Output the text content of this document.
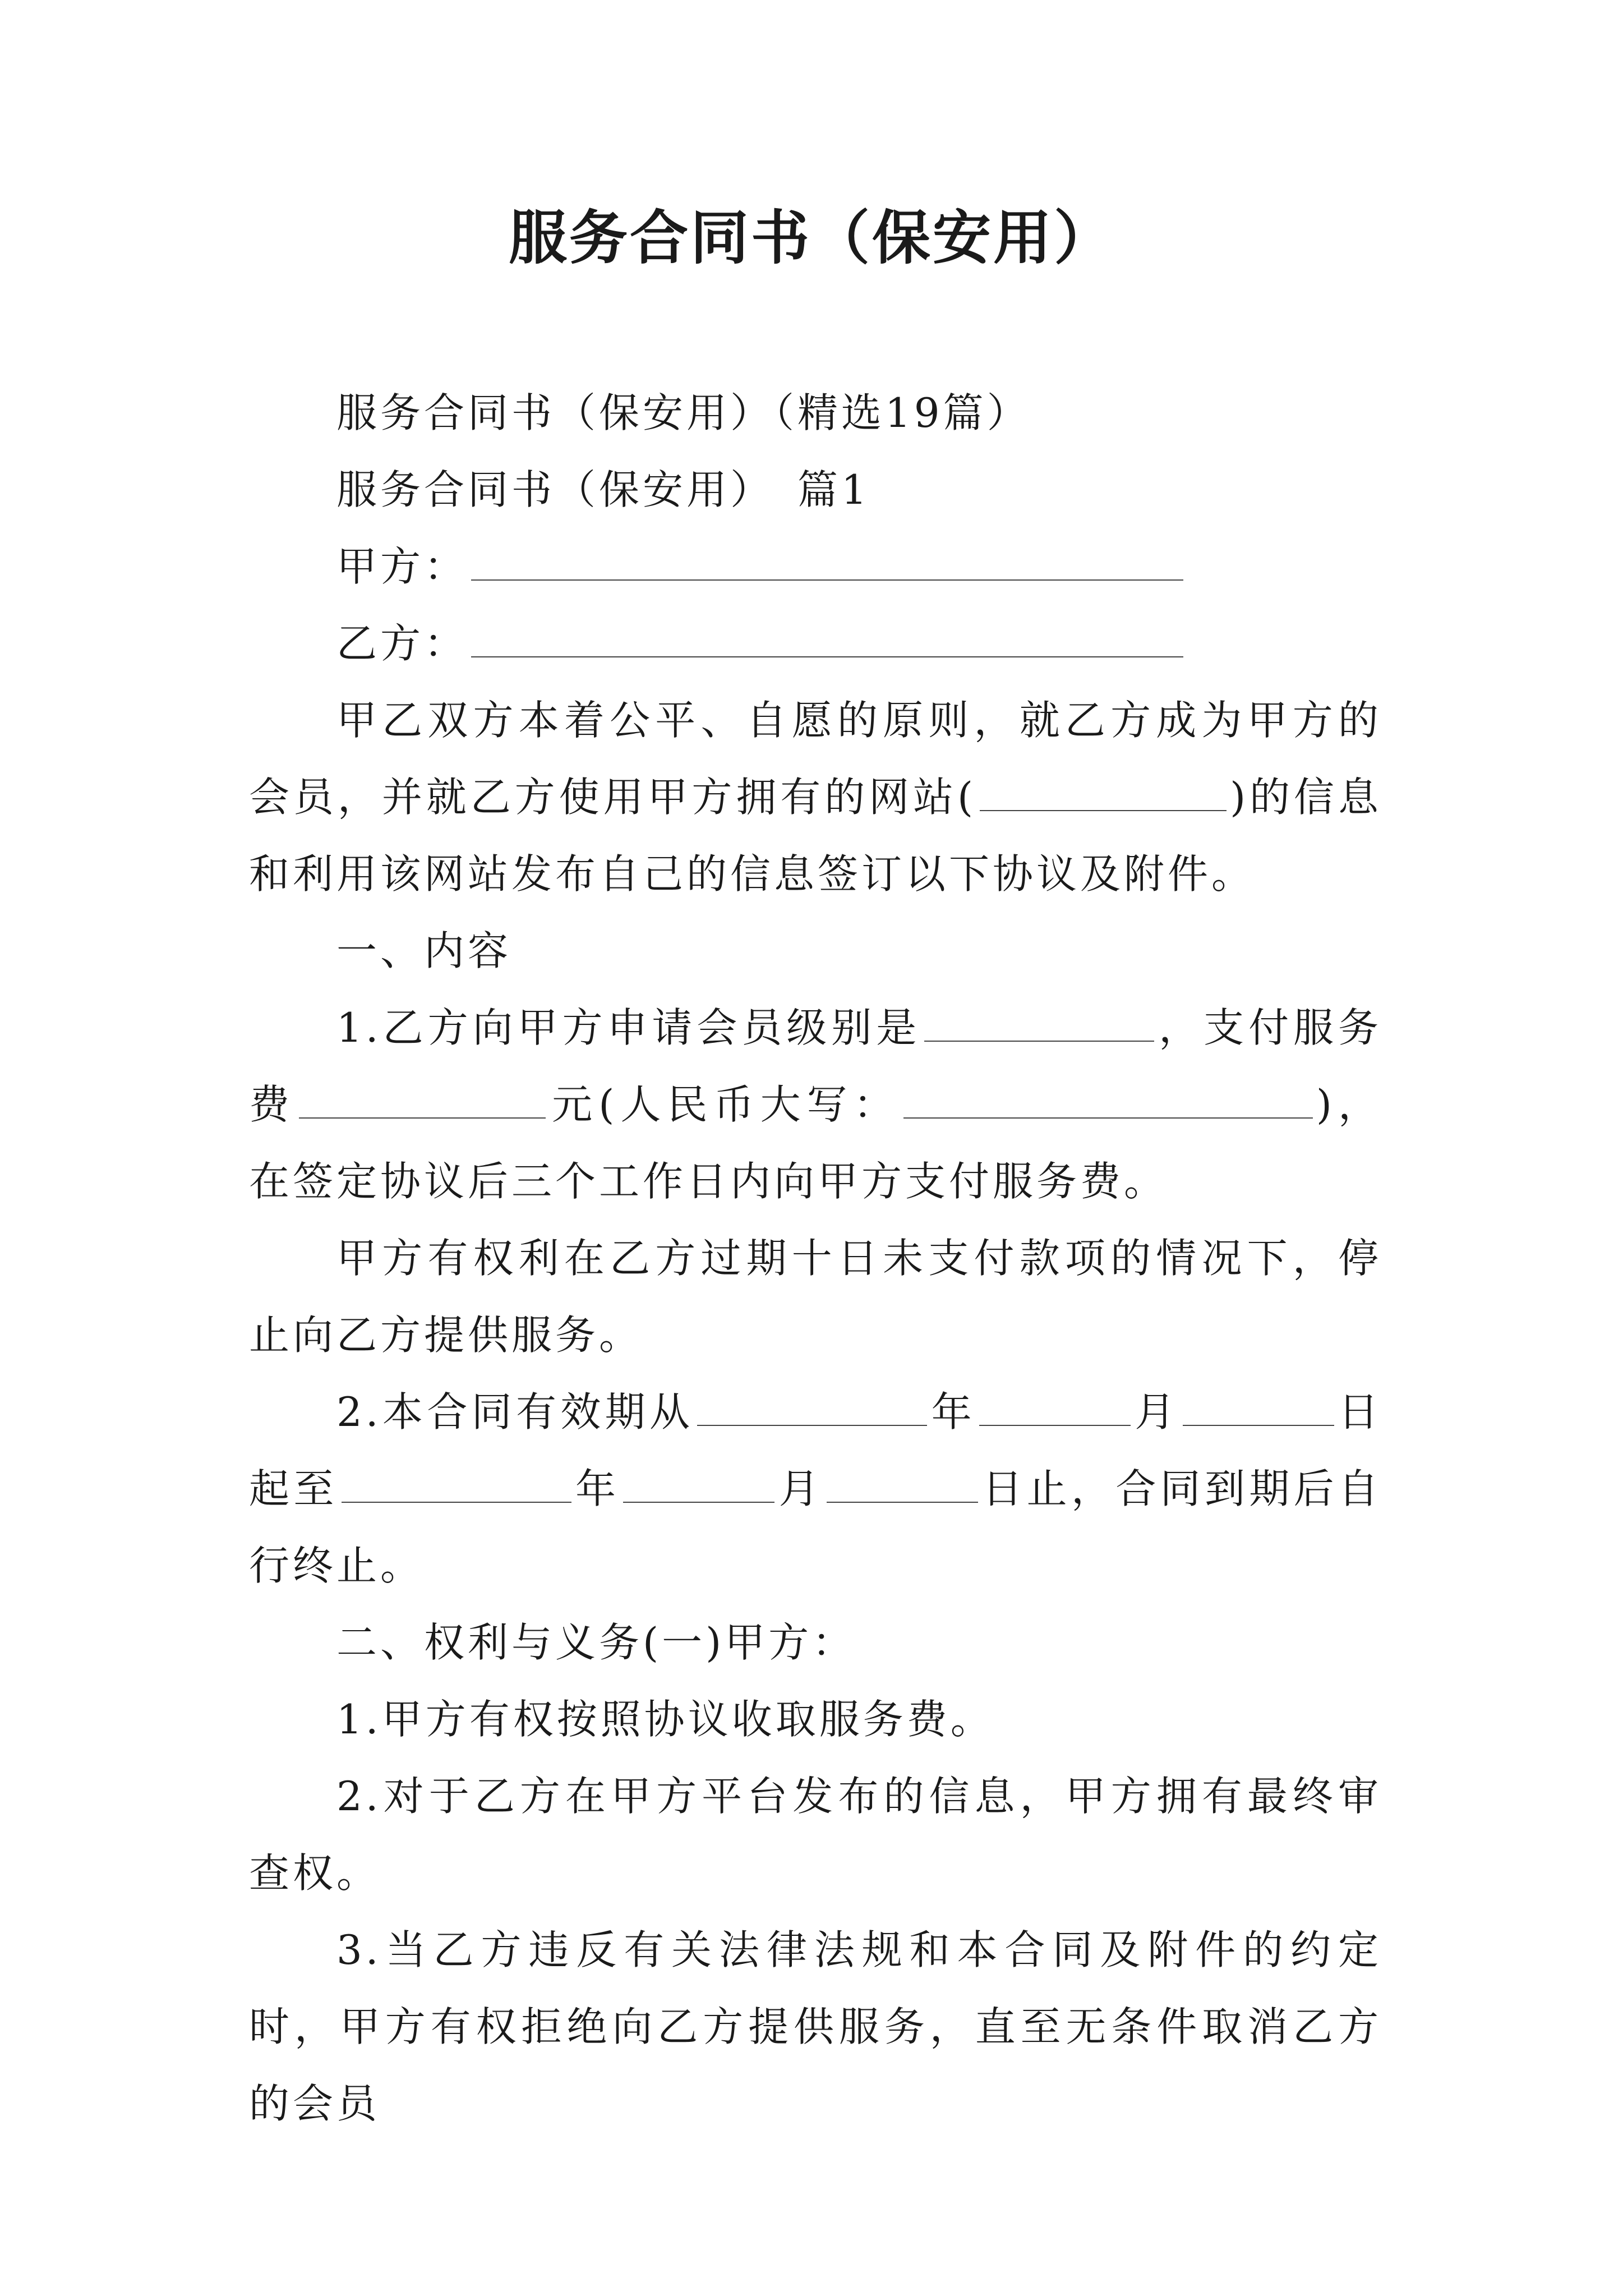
服务合同书（保安用）

服务合同书（保安用）（精选19篇）

服务合同书（保安用）　篇1

甲方：

乙方：

甲乙双方本着公平、自愿的原则，就乙方成为甲方的会员，并就乙方使用甲方拥有的网站(	)的信息和利用该网站发布自己的信息签订以下协议及附件。

一、内容

1.乙方向甲方申请会员级别是	，支付服务费	元(人民币大写：	)，在签定协议后三个工作日内向甲方支付服务费。

甲方有权利在乙方过期十日未支付款项的情况下，停止向乙方提供服务。

2.本合同有效期从	年	月	日起至	年	月	日止，合同到期后自行终止。

二、权利与义务(一)甲方：

1.甲方有权按照协议收取服务费。

2.对于乙方在甲方平台发布的信息，甲方拥有最终审查权。

3.当乙方违反有关法律法规和本合同及附件的约定时，甲方有权拒绝向乙方提供服务，直至无条件取消乙方的会员
